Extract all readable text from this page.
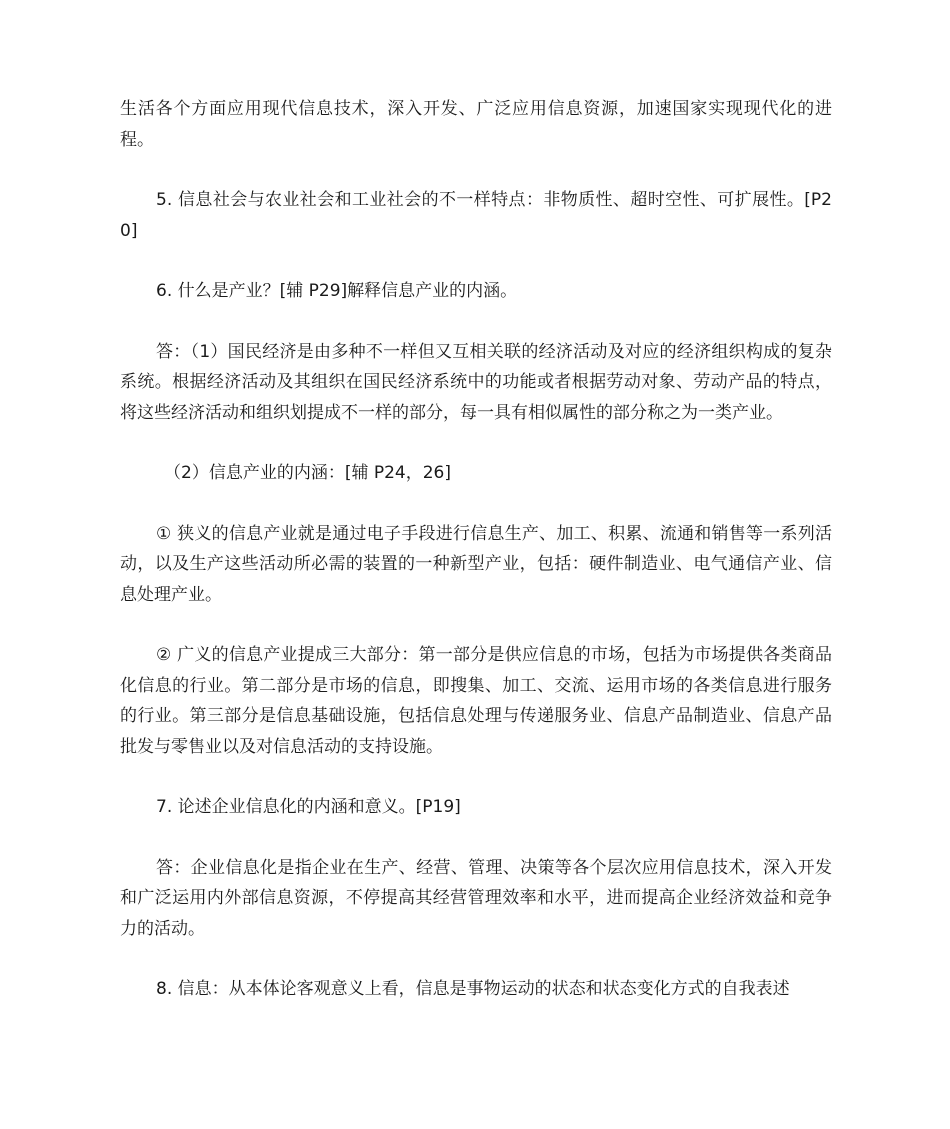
生活各个方面应用现代信息技术，深入开发、广泛应用信息资源，加速国家实现现代化的进程。

5. 信息社会与农业社会和工业社会的不一样特点：非物质性、超时空性、可扩展性。[P20]

6. 什么是产业？[辅 P29]解释信息产业的内涵。

答：（1）国民经济是由多种不一样但又互相关联的经济活动及对应的经济组织构成的复杂系统。根据经济活动及其组织在国民经济系统中的功能或者根据劳动对象、劳动产品的特点，将这些经济活动和组织划提成不一样的部分，每一具有相似属性的部分称之为一类产业。

（2）信息产业的内涵：[辅 P24，26]

① 狭义的信息产业就是通过电子手段进行信息生产、加工、积累、流通和销售等一系列活动，以及生产这些活动所必需的装置的一种新型产业，包括：硬件制造业、电气通信产业、信息处理产业。

② 广义的信息产业提成三大部分：第一部分是供应信息的市场，包括为市场提供各类商品化信息的行业。第二部分是市场的信息，即搜集、加工、交流、运用市场的各类信息进行服务的行业。第三部分是信息基础设施，包括信息处理与传递服务业、信息产品制造业、信息产品批发与零售业以及对信息活动的支持设施。

7. 论述企业信息化的内涵和意义。[P19]

答：企业信息化是指企业在生产、经营、管理、决策等各个层次应用信息技术，深入开发和广泛运用内外部信息资源，不停提高其经营管理效率和水平，进而提高企业经济效益和竞争力的活动。

8. 信息：从本体论客观意义上看，信息是事物运动的状态和状态变化方式的自我表述
